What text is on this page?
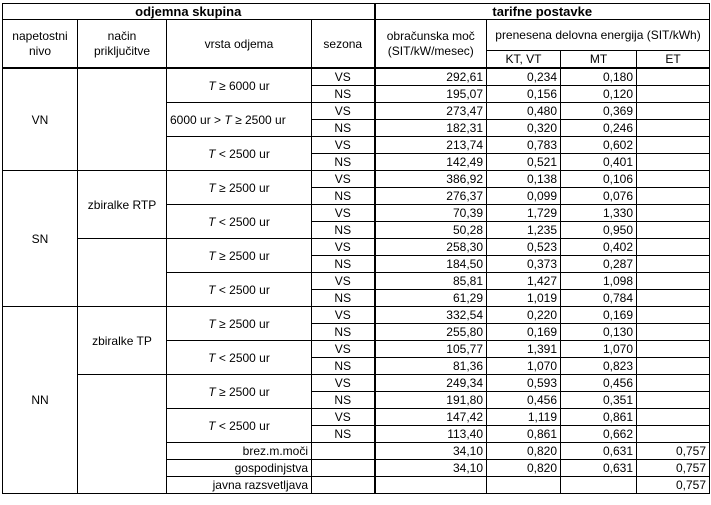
odjemna skupina				tarifne postavke			
napetostni nivo	način priključitve	vrsta odjema	sezona	obračunska moč (SIT/kW/mesec)	prenesena delovna energija (SIT/kWh)		
					KT, VT	MT	ET
VN		T ≥ 6000 ur	VS	292,61	0,234	0,180	
			NS	195,07	0,156	0,120	
		6000 ur > T ≥ 2500 ur	VS	273,47	0,480	0,369	
			NS	182,31	0,320	0,246	
		T < 2500 ur	VS	213,74	0,783	0,602	
			NS	142,49	0,521	0,401	
SN	zbiralke RTP	T ≥ 2500 ur	VS	386,92	0,138	0,106	
			NS	276,37	0,099	0,076	
		T < 2500 ur	VS	70,39	1,729	1,330	
			NS	50,28	1,235	0,950	
		T ≥ 2500 ur	VS	258,30	0,523	0,402	
			NS	184,50	0,373	0,287	
		T < 2500 ur	VS	85,81	1,427	1,098	
			NS	61,29	1,019	0,784	
NN	zbiralke TP	T ≥ 2500 ur	VS	332,54	0,220	0,169	
			NS	255,80	0,169	0,130	
		T < 2500 ur	VS	105,77	1,391	1,070	
			NS	81,36	1,070	0,823	
		T ≥ 2500 ur	VS	249,34	0,593	0,456	
			NS	191,80	0,456	0,351	
		T < 2500 ur	VS	147,42	1,119	0,861	
			NS	113,40	0,861	0,662	
		brez.m.moči		34,10	0,820	0,631	0,757
		gospodinjstva		34,10	0,820	0,631	0,757
		javna razsvetljava					0,757
